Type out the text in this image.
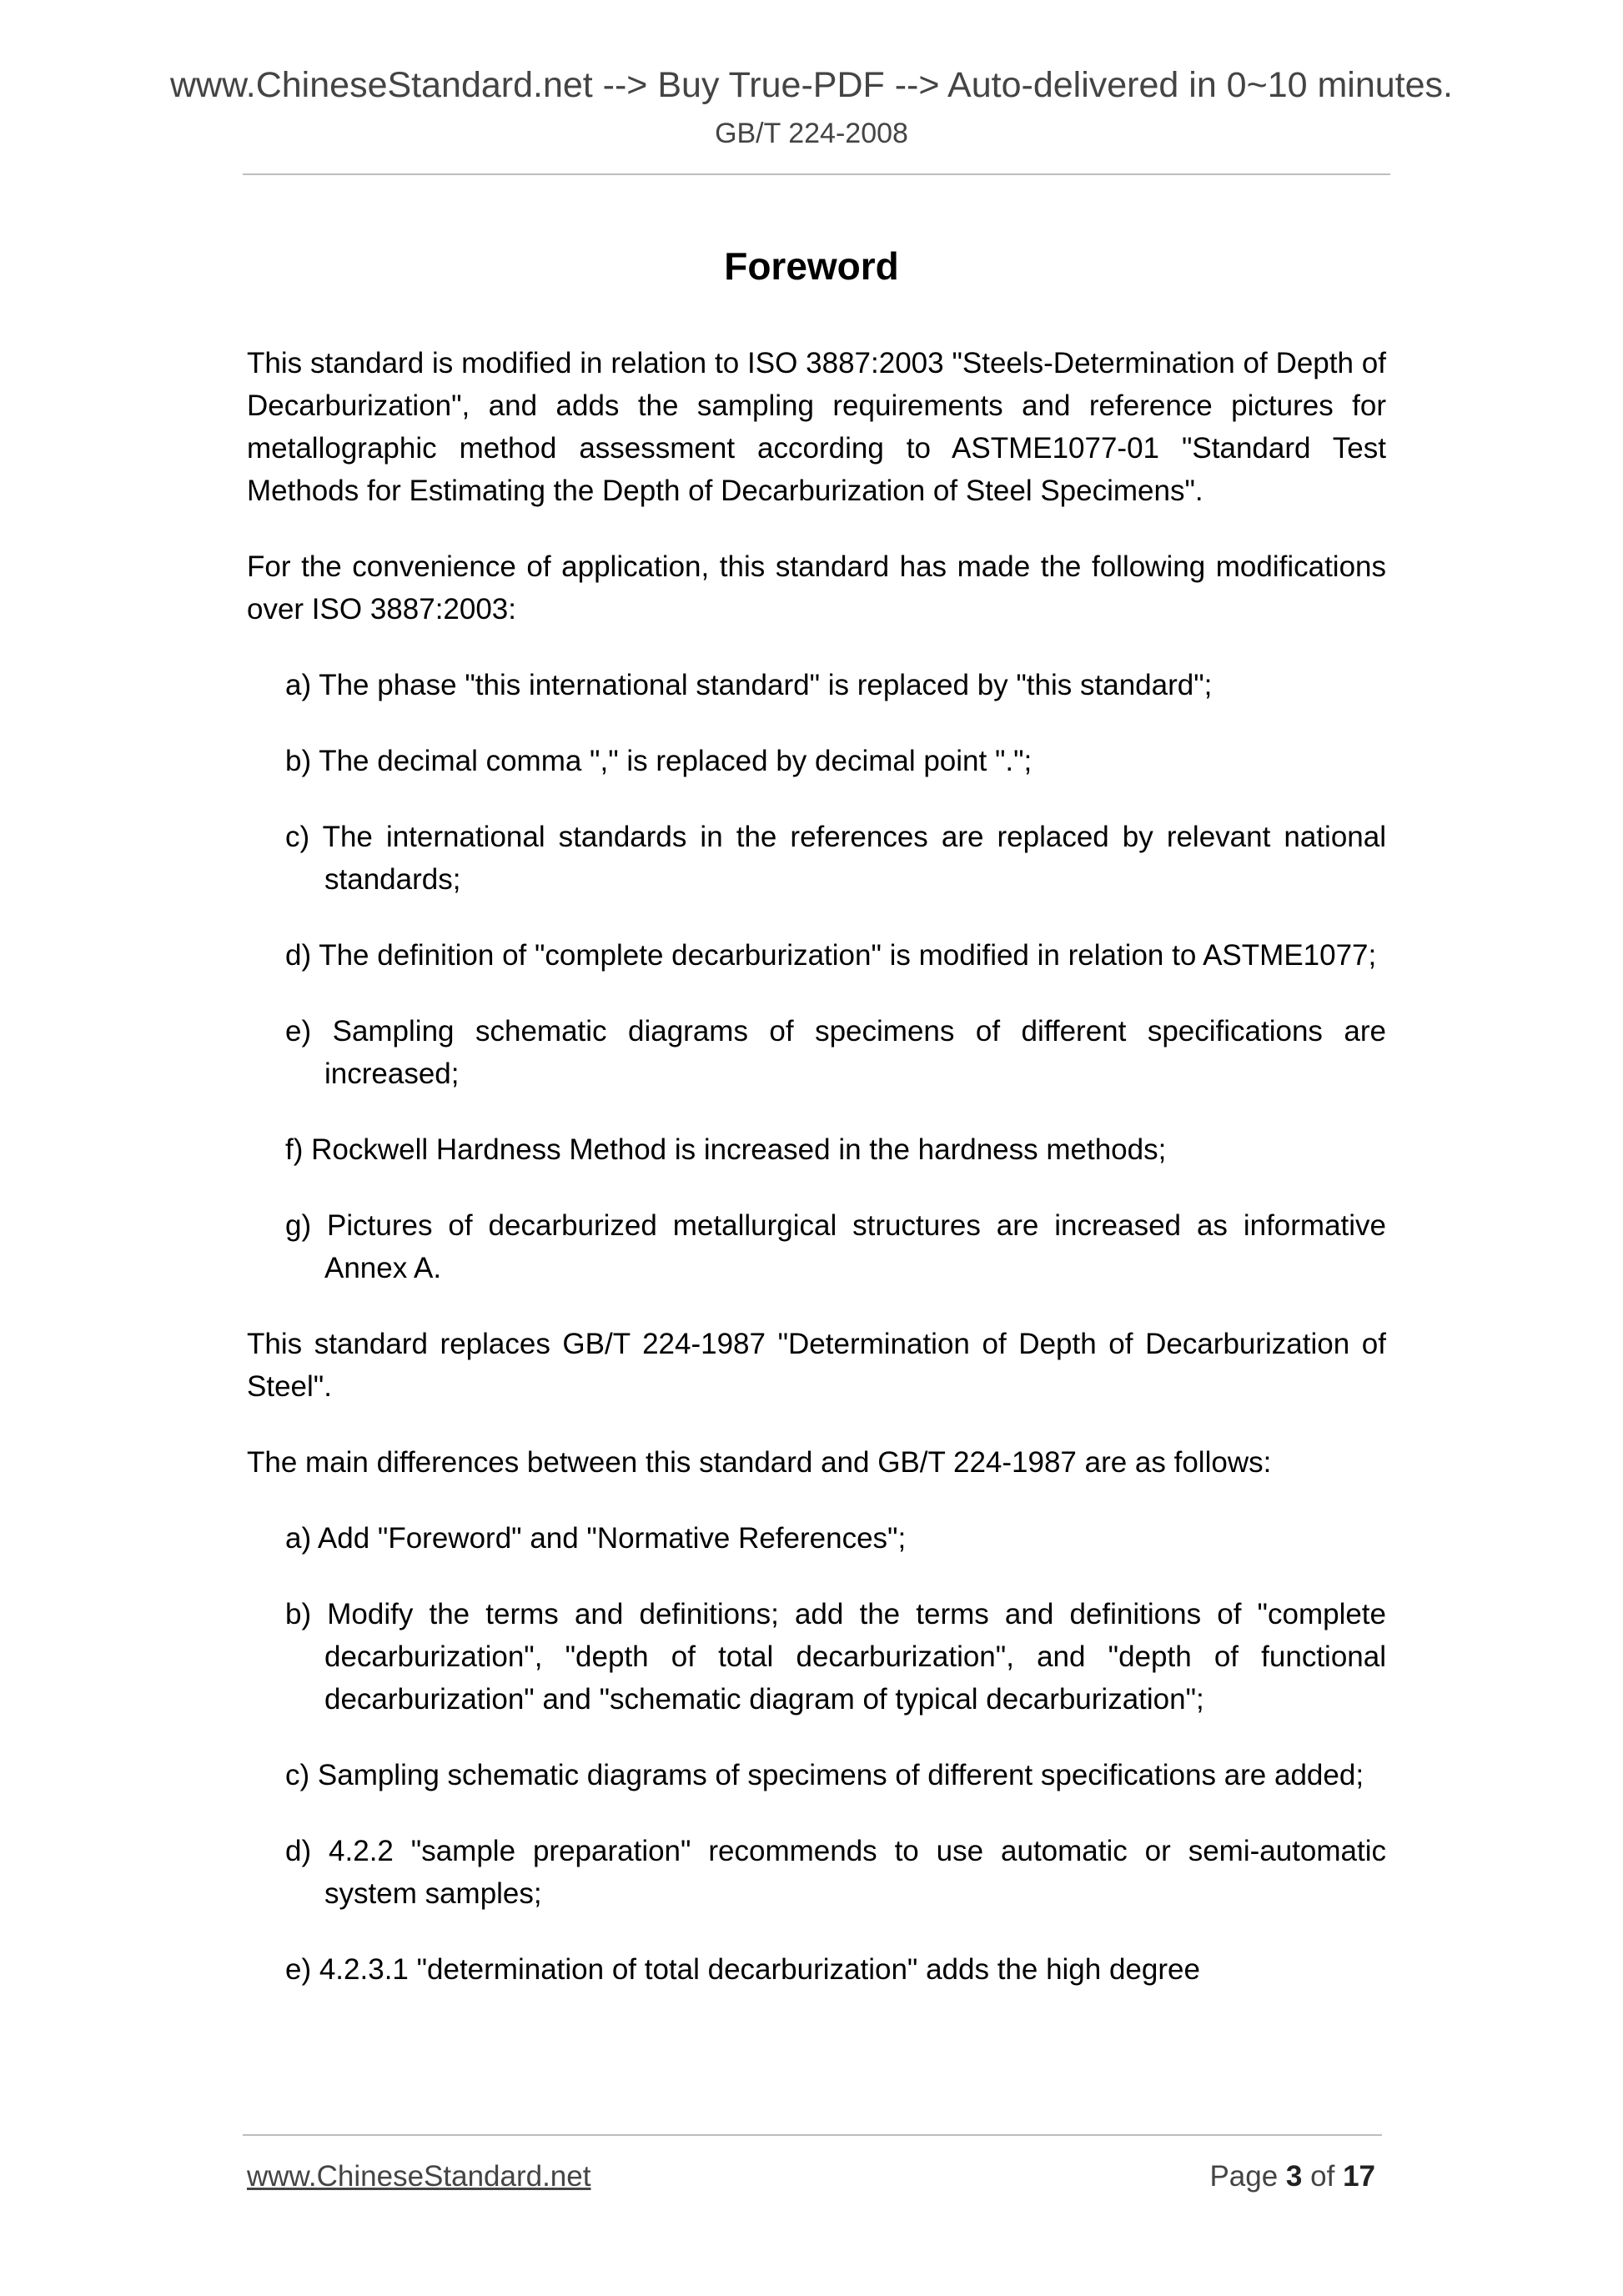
www.ChineseStandard.net --> Buy True-PDF --> Auto-delivered in 0~10 minutes.
GB/T 224-2008
Foreword

This standard is modified in relation to ISO 3887:2003 "Steels-Determination of Depth of Decarburization", and adds the sampling requirements and reference pictures for metallographic method assessment according to ASTME1077-01 "Standard Test Methods for Estimating the Depth of Decarburization of Steel Specimens".

For the convenience of application, this standard has made the following modifications over ISO 3887:2003:

a) The phase "this international standard" is replaced by "this standard";

b) The decimal comma "," is replaced by decimal point ".";

c) The international standards in the references are replaced by relevant national standards;

d) The definition of "complete decarburization" is modified in relation to ASTME1077;

e) Sampling schematic diagrams of specimens of different specifications are increased;

f) Rockwell Hardness Method is increased in the hardness methods;

g) Pictures of decarburized metallurgical structures are increased as informative Annex A.

This standard replaces GB/T 224-1987 "Determination of Depth of Decarburization of Steel".

The main differences between this standard and GB/T 224-1987 are as follows:

a) Add "Foreword" and "Normative References";

b) Modify the terms and definitions; add the terms and definitions of "complete decarburization", "depth of total decarburization", and "depth of functional decarburization" and "schematic diagram of typical decarburization";

c) Sampling schematic diagrams of specimens of different specifications are added;

d) 4.2.2 "sample preparation" recommends to use automatic or semi-automatic system samples;

e) 4.2.3.1 "determination of total decarburization" adds the high degree

www.ChineseStandard.net	Page 3 of 17
